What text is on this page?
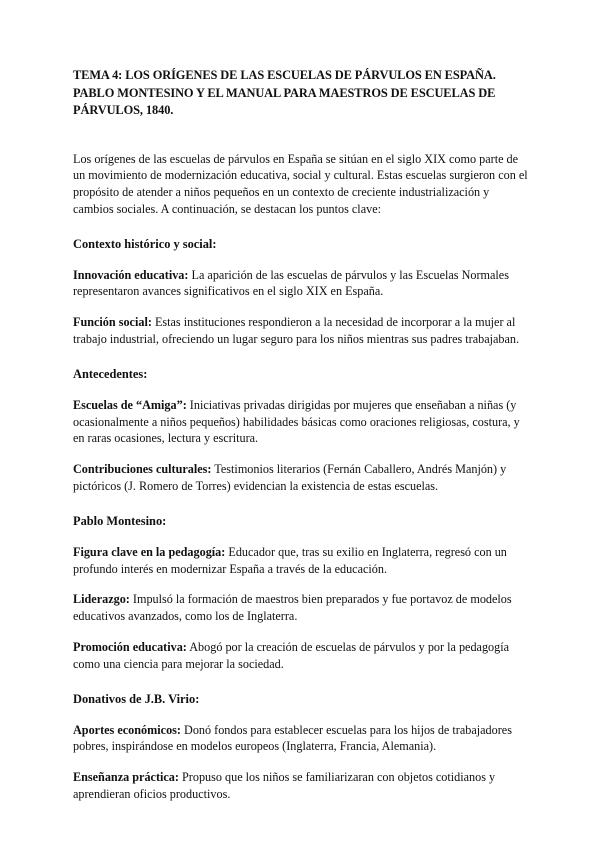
TEMA 4: LOS ORÍGENES DE LAS ESCUELAS DE PÁRVULOS EN ESPAÑA. PABLO MONTESINO Y EL MANUAL PARA MAESTROS DE ESCUELAS DE PÁRVULOS, 1840.

Los orígenes de las escuelas de párvulos en España se sitúan en el siglo XIX como parte de un movimiento de modernización educativa, social y cultural. Estas escuelas surgieron con el propósito de atender a niños pequeños en un contexto de creciente industrialización y cambios sociales. A continuación, se destacan los puntos clave:

Contexto histórico y social:

Innovación educativa: La aparición de las escuelas de párvulos y las Escuelas Normales representaron avances significativos en el siglo XIX en España.

Función social: Estas instituciones respondieron a la necesidad de incorporar a la mujer al trabajo industrial, ofreciendo un lugar seguro para los niños mientras sus padres trabajaban.

Antecedentes:

Escuelas de “Amiga”: Iniciativas privadas dirigidas por mujeres que enseñaban a niñas (y ocasionalmente a niños pequeños) habilidades básicas como oraciones religiosas, costura, y en raras ocasiones, lectura y escritura.

Contribuciones culturales: Testimonios literarios (Fernán Caballero, Andrés Manjón) y pictóricos (J. Romero de Torres) evidencian la existencia de estas escuelas.

Pablo Montesino:

Figura clave en la pedagogía: Educador que, tras su exilio en Inglaterra, regresó con un profundo interés en modernizar España a través de la educación.

Liderazgo: Impulsó la formación de maestros bien preparados y fue portavoz de modelos educativos avanzados, como los de Inglaterra.

Promoción educativa: Abogó por la creación de escuelas de párvulos y por la pedagogía como una ciencia para mejorar la sociedad.

Donativos de J.B. Virio:

Aportes económicos: Donó fondos para establecer escuelas para los hijos de trabajadores pobres, inspirándose en modelos europeos (Inglaterra, Francia, Alemania).

Enseñanza práctica: Propuso que los niños se familiarizaran con objetos cotidianos y aprendieran oficios productivos.
